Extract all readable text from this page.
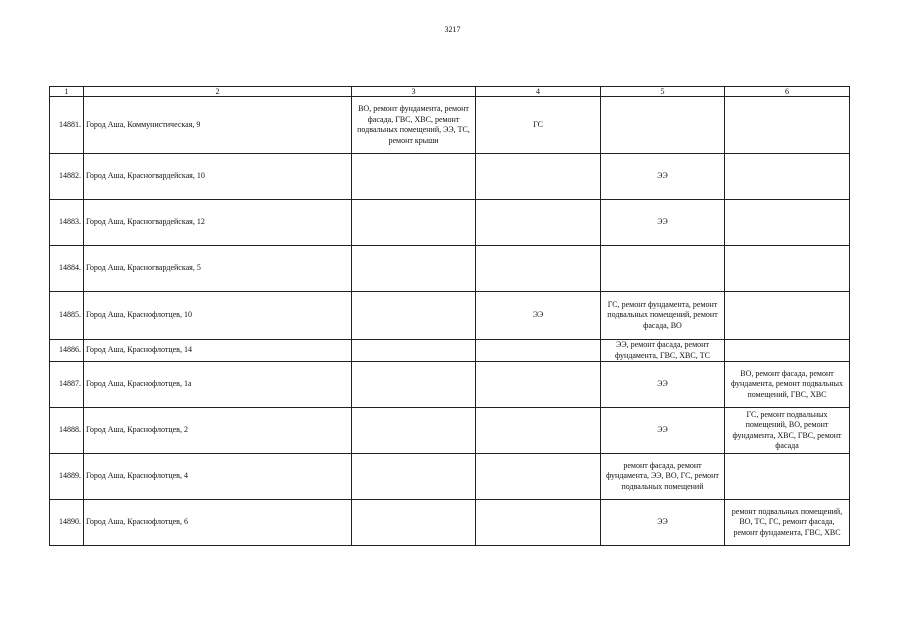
3217
1	2	3	4	5	6
14881.	Город Аша, Коммунистическая, 9	ВО, ремонт фундамента, ремонт фасада, ГВС, ХВС, ремонт подвальных помещений, ЭЭ, ТС, ремонт крыши	ГС		
14882.	Город Аша, Красногвардейская, 10			ЭЭ	
14883.	Город Аша, Красногвардейская, 12			ЭЭ	
14884.	Город Аша, Красногвардейская, 5				
14885.	Город Аша, Краснофлотцев, 10		ЭЭ	ГС, ремонт фундамента, ремонт подвальных помещений, ремонт фасада, ВО	
14886.	Город Аша, Краснофлотцев, 14			ЭЭ, ремонт фасада, ремонт фундамента, ГВС, ХВС, ТС	
14887.	Город Аша, Краснофлотцев, 1а			ЭЭ	ВО, ремонт фасада, ремонт фундамента, ремонт подвальных помещений, ГВС, ХВС
14888.	Город Аша, Краснофлотцев, 2			ЭЭ	ГС, ремонт подвальных помещений, ВО, ремонт фундамента, ХВС, ГВС, ремонт фасада
14889.	Город Аша, Краснофлотцев, 4			ремонт фасада, ремонт фундамента, ЭЭ, ВО, ГС, ремонт подвальных помещений	
14890.	Город Аша, Краснофлотцев, 6			ЭЭ	ремонт подвальных помещений, ВО, ТС, ГС, ремонт фасада, ремонт фундамента, ГВС, ХВС
